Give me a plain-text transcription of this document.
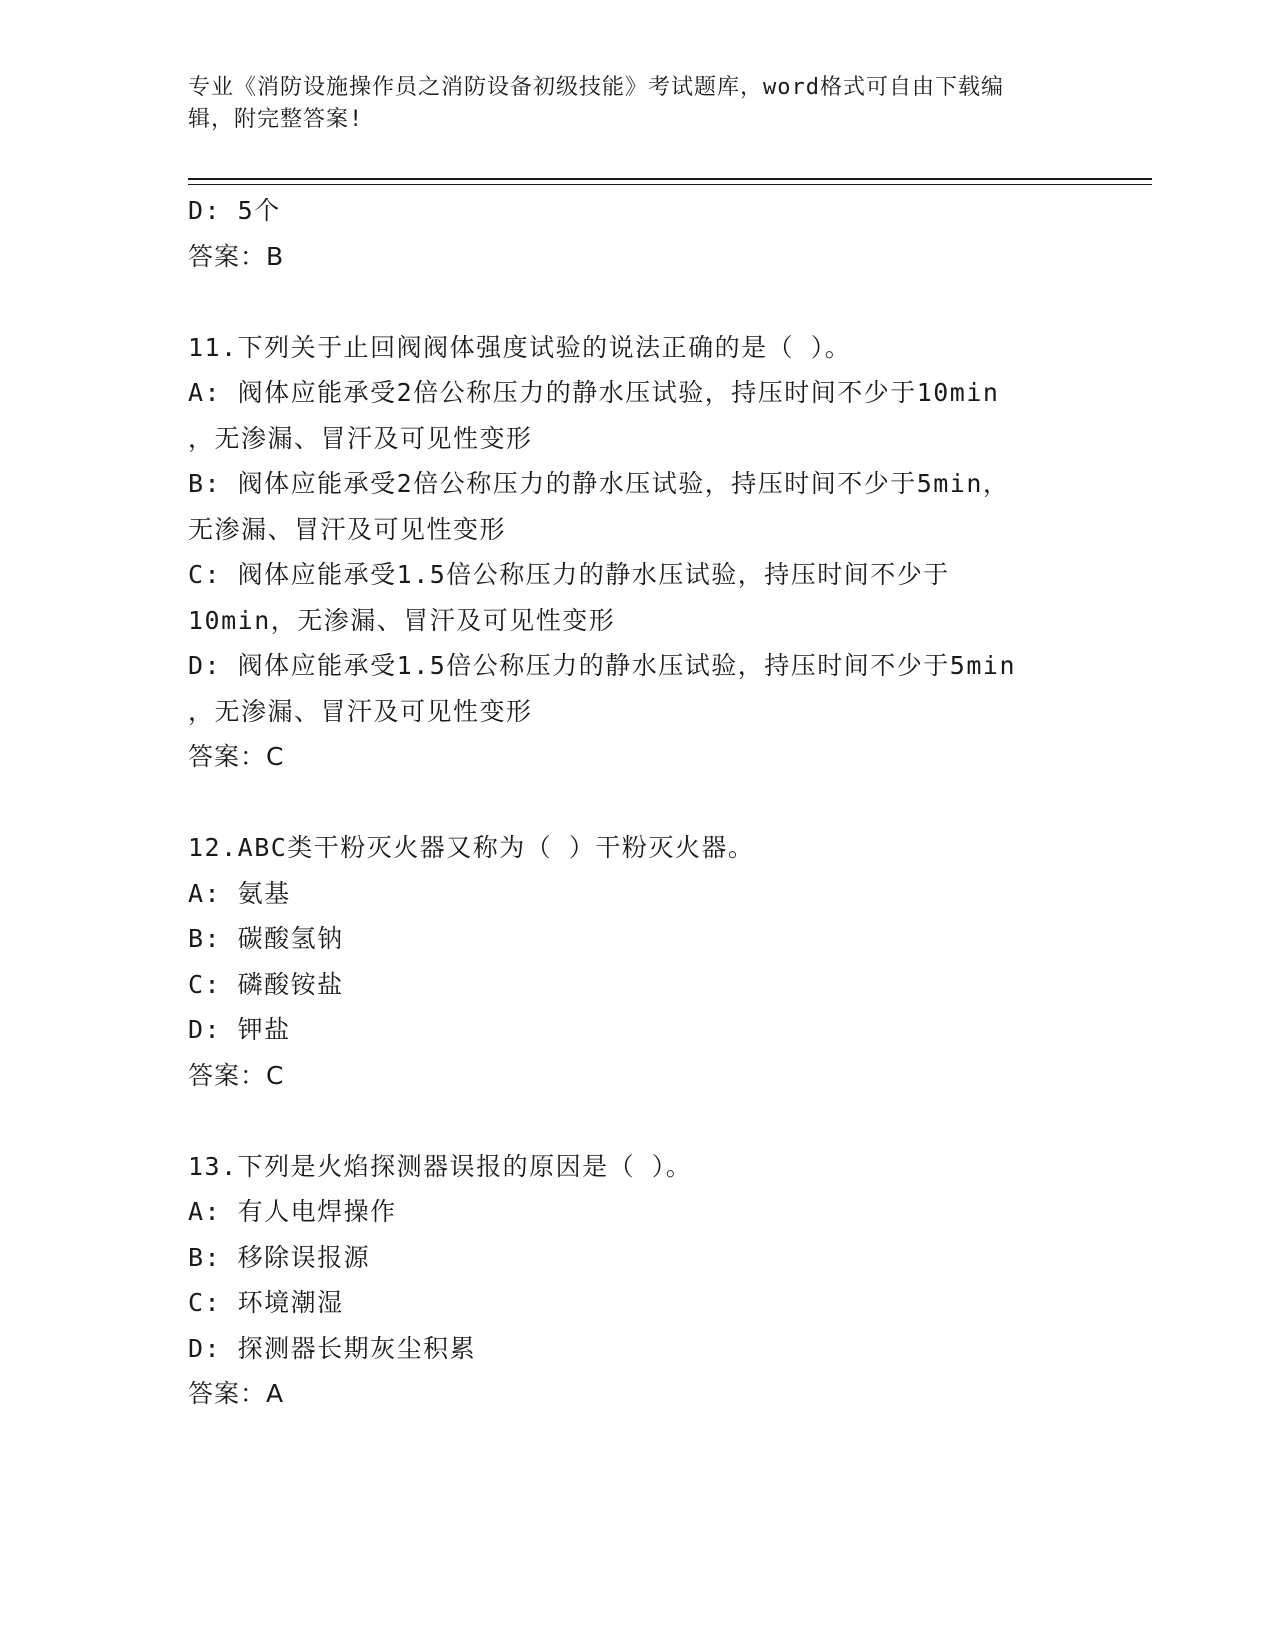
专业《消防设施操作员之消防设备初级技能》考试题库，word格式可自由下载编
辑，附完整答案!
D: 5个
答案：B
11.下列关于止回阀阀体强度试验的说法正确的是（ ）。
A: 阀体应能承受2倍公称压力的静水压试验，持压时间不少于10min
，无渗漏、冒汗及可见性变形
B: 阀体应能承受2倍公称压力的静水压试验，持压时间不少于5min，
无渗漏、冒汗及可见性变形
C: 阀体应能承受1.5倍公称压力的静水压试验，持压时间不少于
10min，无渗漏、冒汗及可见性变形
D: 阀体应能承受1.5倍公称压力的静水压试验，持压时间不少于5min
，无渗漏、冒汗及可见性变形
答案：C
12.ABC类干粉灭火器又称为（ ）干粉灭火器。
A: 氨基
B: 碳酸氢钠
C: 磷酸铵盐
D: 钾盐
答案：C
13.下列是火焰探测器误报的原因是（ ）。
A: 有人电焊操作
B: 移除误报源
C: 环境潮湿
D: 探测器长期灰尘积累
答案：A
